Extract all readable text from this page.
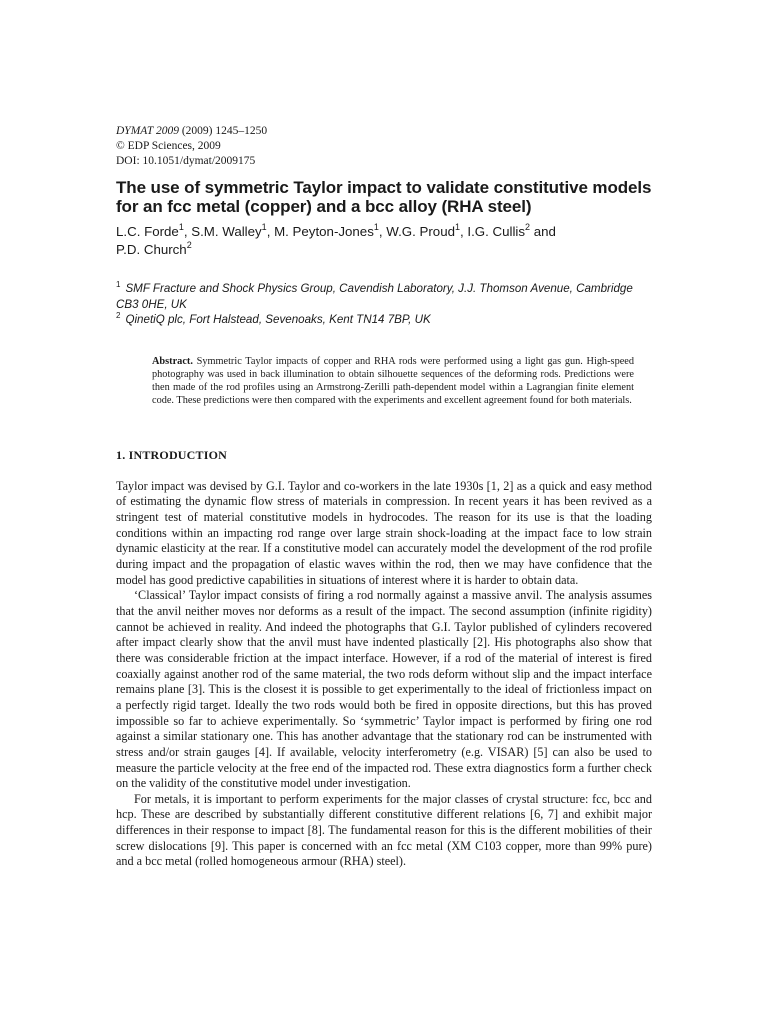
DYMAT 2009 (2009) 1245–1250
© EDP Sciences, 2009
DOI: 10.1051/dymat/2009175
The use of symmetric Taylor impact to validate constitutive models for an fcc metal (copper) and a bcc alloy (RHA steel)
L.C. Forde$^1$, S.M. Walley$^1$, M. Peyton-Jones$^1$, W.G. Proud$^1$, I.G. Cullis$^2$ and
P.D. Church$^2$
$^1$ SMF Fracture and Shock Physics Group, Cavendish Laboratory, J.J. Thomson Avenue, Cambridge CB3 0HE, UK
$^2$ QinetiQ plc, Fort Halstead, Sevenoaks, Kent TN14 7BP, UK
Abstract. Symmetric Taylor impacts of copper and RHA rods were performed using a light gas gun. High-speed photography was used in back illumination to obtain silhouette sequences of the deforming rods. Predictions were then made of the rod profiles using an Armstrong-Zerilli path-dependent model within a Lagrangian finite element code. These predictions were then compared with the experiments and excellent agreement found for both materials.
1. INTRODUCTION

Taylor impact was devised by G.I. Taylor and co-workers in the late 1930s [1, 2] as a quick and easy method of estimating the dynamic flow stress of materials in compression. In recent years it has been revived as a stringent test of material constitutive models in hydrocodes. The reason for its use is that the loading conditions within an impacting rod range over large strain shock-loading at the impact face to low strain dynamic elasticity at the rear. If a constitutive model can accurately model the development of the rod profile during impact and the propagation of elastic waves within the rod, then we may have confidence that the model has good predictive capabilities in situations of interest where it is harder to obtain data.

‘Classical’ Taylor impact consists of firing a rod normally against a massive anvil. The analysis assumes that the anvil neither moves nor deforms as a result of the impact. The second assumption (infinite rigidity) cannot be achieved in reality. And indeed the photographs that G.I. Taylor published of cylinders recovered after impact clearly show that the anvil must have indented plastically [2]. His photographs also show that there was considerable friction at the impact interface. However, if a rod of the material of interest is fired coaxially against another rod of the same material, the two rods deform without slip and the impact interface remains plane [3]. This is the closest it is possible to get experimentally to the ideal of frictionless impact on a perfectly rigid target. Ideally the two rods would both be fired in opposite directions, but this has proved impossible so far to achieve experimentally. So ‘symmetric’ Taylor impact is performed by firing one rod against a similar stationary one. This has another advantage that the stationary rod can be instrumented with stress and/or strain gauges [4]. If available, velocity interferometry (e.g. VISAR) [5] can also be used to measure the particle velocity at the free end of the impacted rod. These extra diagnostics form a further check on the validity of the constitutive model under investigation.

For metals, it is important to perform experiments for the major classes of crystal structure: fcc, bcc and hcp. These are described by substantially different constitutive different relations [6, 7] and exhibit major differences in their response to impact [8]. The fundamental reason for this is the different mobilities of their screw dislocations [9]. This paper is concerned with an fcc metal (XM C103 copper, more than 99% pure) and a bcc metal (rolled homogeneous armour (RHA) steel).
